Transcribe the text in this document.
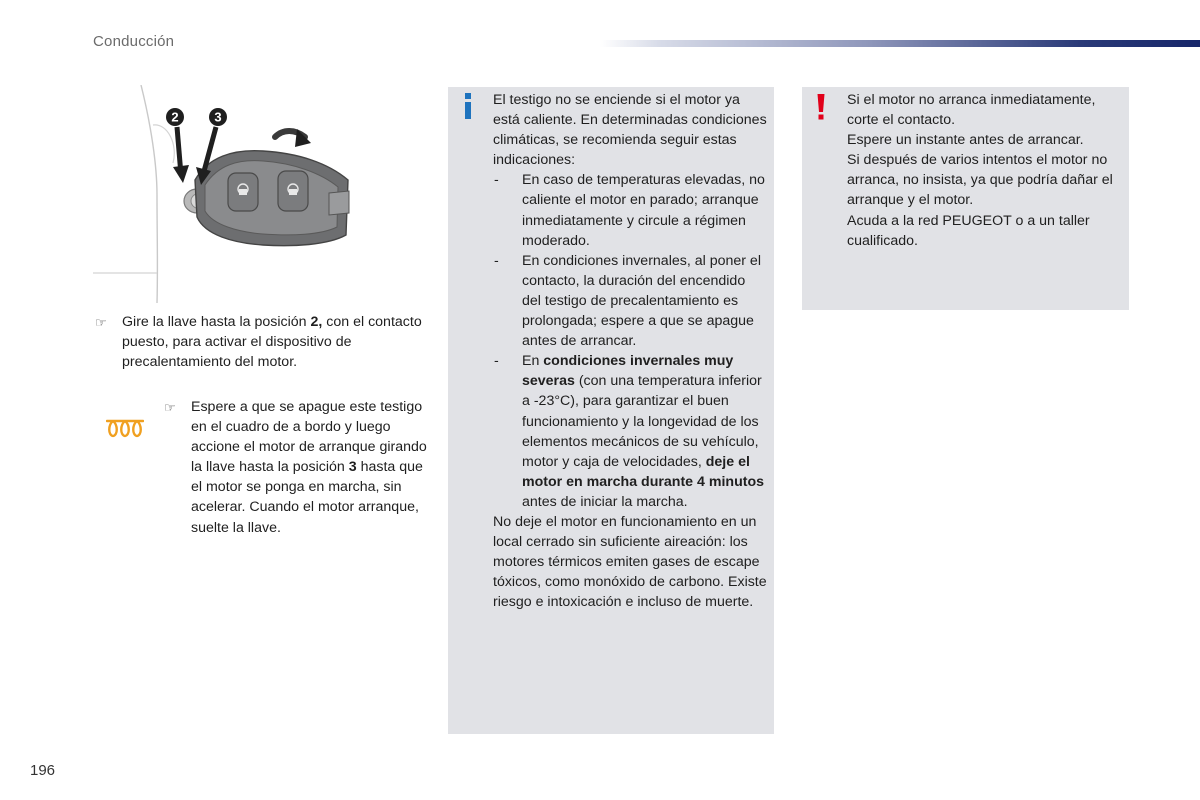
Conducción
2	3
☞ Gire la llave hasta la posición 2, con el contacto puesto, para activar el dispositivo de precalentamiento del motor.
☞ Espere a que se apague este testigo en el cuadro de a bordo y luego accione el motor de arranque girando la llave hasta la posición 3 hasta que el motor se ponga en marcha, sin acelerar. Cuando el motor arranque, suelte la llave.

El testigo no se enciende si el motor ya está caliente. En determinadas condiciones climáticas, se recomienda seguir estas indicaciones:

- En caso de temperaturas elevadas, no caliente el motor en parado; arranque inmediatamente y circule a régimen moderado.

- En condiciones invernales, al poner el contacto, la duración del encendido del testigo de precalentamiento es prolongada; espere a que se apague antes de arrancar.

- En condiciones invernales muy severas (con una temperatura inferior a -23°C), para garantizar el buen funcionamiento y la longevidad de los elementos mecánicos de su vehículo, motor y caja de velocidades, deje el motor en marcha durante 4 minutos antes de iniciar la marcha.

No deje el motor en funcionamiento en un local cerrado sin suficiente aireación: los motores térmicos emiten gases de escape tóxicos, como monóxido de carbono. Existe riesgo e intoxicación e incluso de muerte.

Si el motor no arranca inmediatamente, corte el contacto.

Espere un instante antes de arrancar.

Si después de varios intentos el motor no arranca, no insista, ya que podría dañar el arranque y el motor.

Acuda a la red PEUGEOT o a un taller cualificado.

196
